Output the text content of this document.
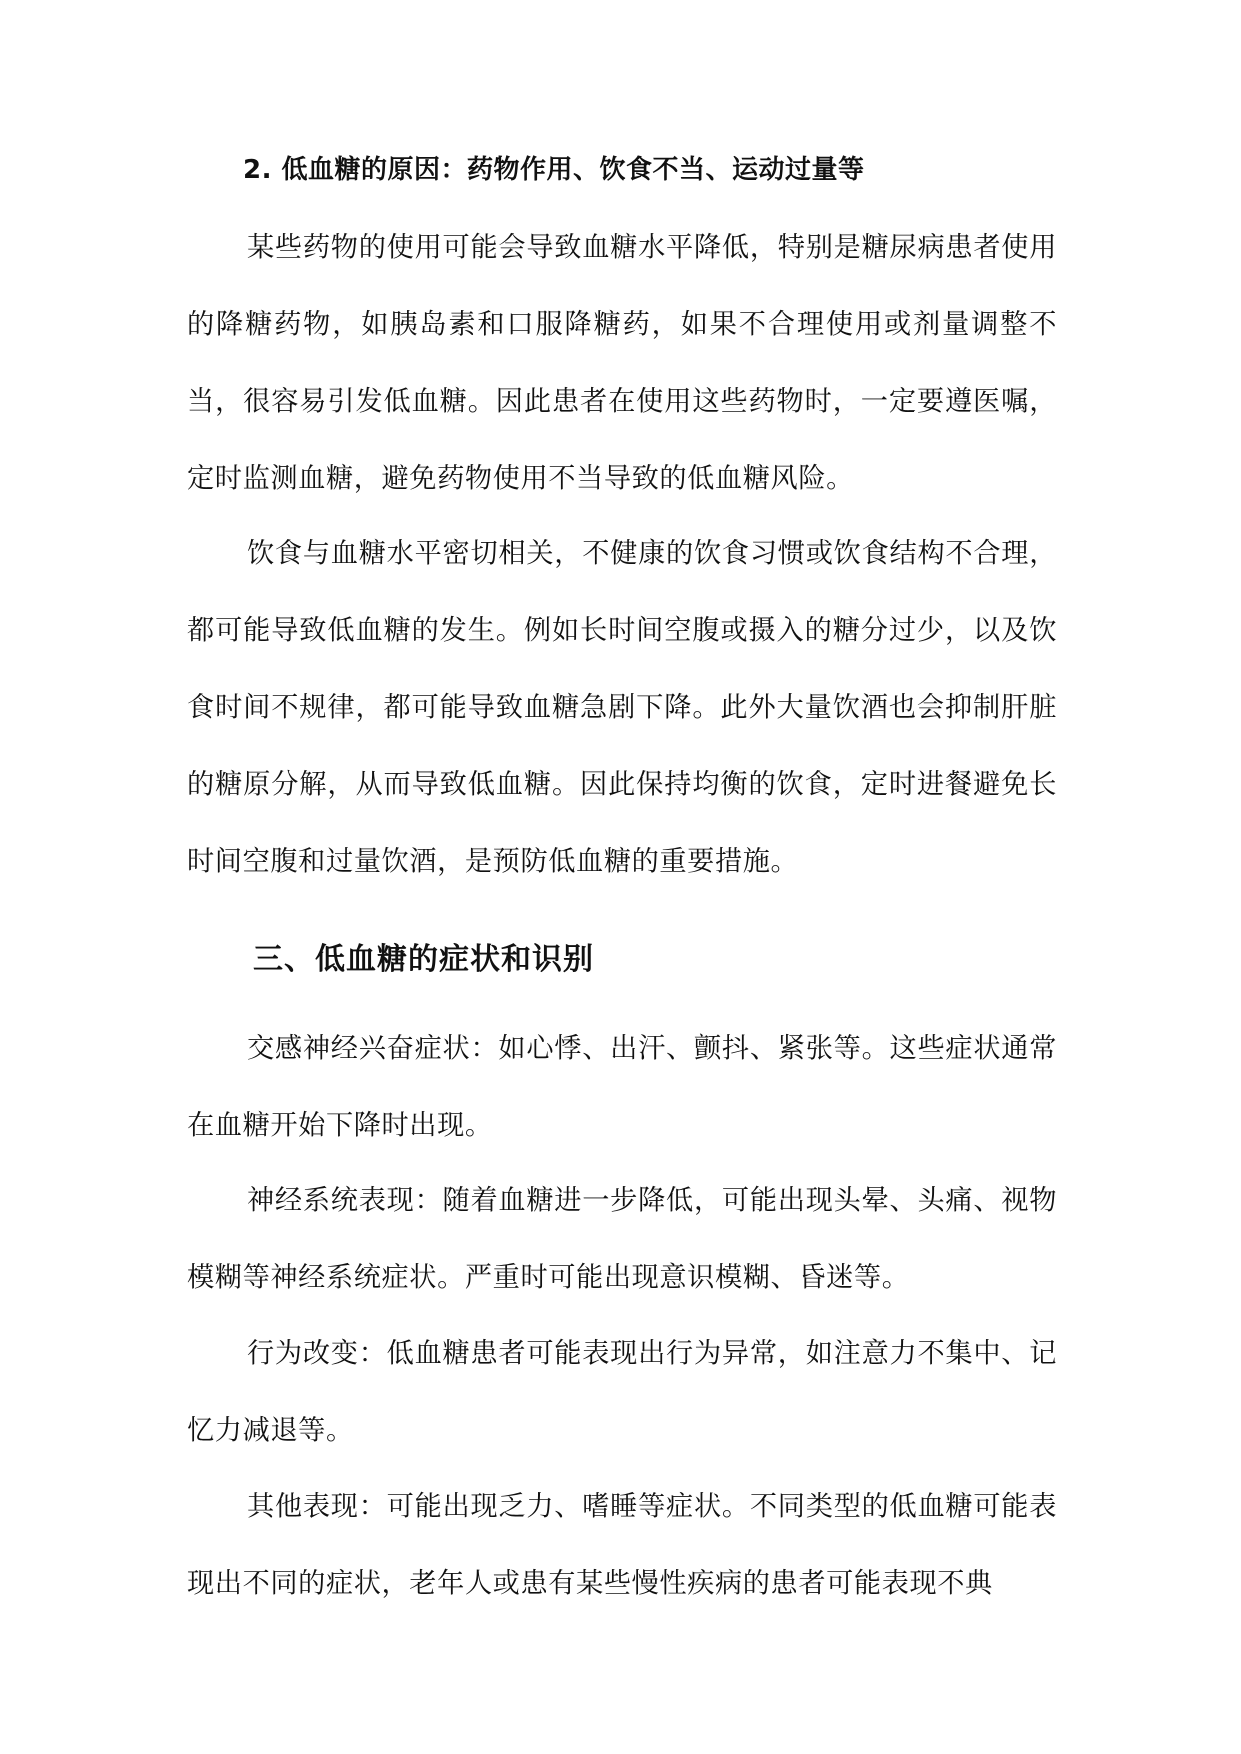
2. 低血糖的原因：药物作用、饮食不当、运动过量等

某些药物的使用可能会导致血糖水平降低，特别是糖尿病患者使用的降糖药物，如胰岛素和口服降糖药，如果不合理使用或剂量调整不当，很容易引发低血糖。因此患者在使用这些药物时，一定要遵医嘱，定时监测血糖，避免药物使用不当导致的低血糖风险。

饮食与血糖水平密切相关，不健康的饮食习惯或饮食结构不合理，都可能导致低血糖的发生。例如长时间空腹或摄入的糖分过少，以及饮食时间不规律，都可能导致血糖急剧下降。此外大量饮酒也会抑制肝脏的糖原分解，从而导致低血糖。因此保持均衡的饮食，定时进餐避免长时间空腹和过量饮酒，是预防低血糖的重要措施。

三、低血糖的症状和识别

交感神经兴奋症状：如心悸、出汗、颤抖、紧张等。这些症状通常在血糖开始下降时出现。

神经系统表现：随着血糖进一步降低，可能出现头晕、头痛、视物模糊等神经系统症状。严重时可能出现意识模糊、昏迷等。

行为改变：低血糖患者可能表现出行为异常，如注意力不集中、记忆力减退等。

其他表现：可能出现乏力、嗜睡等症状。不同类型的低血糖可能表现出不同的症状，老年人或患有某些慢性疾病的患者可能表现不典
